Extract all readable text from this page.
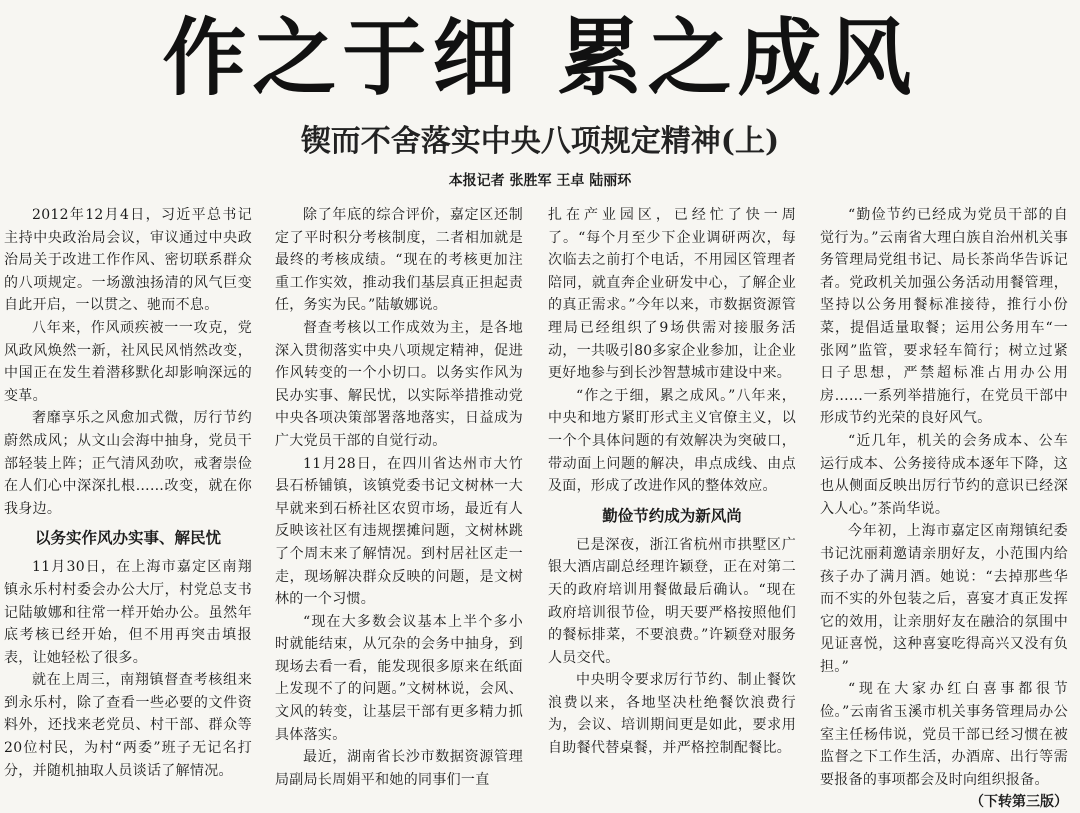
作之于细 累之成风
锲而不舍落实中央八项规定精神(上)
本报记者 张胜军 王卓 陆丽环

2012年12月4日，习近平总书记主持中央政治局会议，审议通过中央政治局关于改进工作作风、密切联系群众的八项规定。一场激浊扬清的风气巨变自此开启，一以贯之、驰而不息。

八年来，作风顽疾被一一攻克，党风政风焕然一新，社风民风悄然改变，中国正在发生着潜移默化却影响深远的变革。

奢靡享乐之风愈加式微，厉行节约蔚然成风；从文山会海中抽身，党员干部轻装上阵；正气清风劲吹，戒奢崇俭在人们心中深深扎根……改变，就在你我身边。

以务实作风办实事、解民忧

11月30日，在上海市嘉定区南翔镇永乐村村委会办公大厅，村党总支书记陆敏娜和往常一样开始办公。虽然年底考核已经开始，但不用再突击填报表，让她轻松了很多。

就在上周三，南翔镇督查考核组来到永乐村，除了查看一些必要的文件资料外，还找来老党员、村干部、群众等20位村民，为村“两委”班子无记名打分，并随机抽取人员谈话了解情况。

除了年底的综合评价，嘉定区还制定了平时积分考核制度，二者相加就是最终的考核成绩。“现在的考核更加注重工作实效，推动我们基层真正担起责任，务实为民。”陆敏娜说。

督查考核以工作成效为主，是各地深入贯彻落实中央八项规定精神，促进作风转变的一个小切口。以务实作风为民办实事、解民忧，以实际举措推动党中央各项决策部署落地落实，日益成为广大党员干部的自觉行动。

11月28日，在四川省达州市大竹县石桥铺镇，该镇党委书记文树林一大早就来到石桥社区农贸市场，最近有人反映该社区有违规摆摊问题，文树林跳了个周末来了解情况。到村居社区走一走，现场解决群众反映的问题，是文树林的一个习惯。

“现在大多数会议基本上半个多小时就能结束，从冗杂的会务中抽身，到现场去看一看，能发现很多原来在纸面上发现不了的问题。”文树林说，会风、文风的转变，让基层干部有更多精力抓具体落实。

最近，湖南省长沙市数据资源管理局副局长周娟平和她的同事们一直

扎在产业园区，已经忙了快一周了。“每个月至少下企业调研两次，每次临去之前打个电话，不用园区管理者陪同，就直奔企业研发中心，了解企业的真正需求。”今年以来，市数据资源管理局已经组织了9场供需对接服务活动，一共吸引80多家企业参加，让企业更好地参与到长沙智慧城市建设中来。

“作之于细，累之成风。”八年来，中央和地方紧盯形式主义官僚主义，以一个个具体问题的有效解决为突破口，带动面上问题的解决，串点成线、由点及面，形成了改进作风的整体效应。

勤俭节约成为新风尚

已是深夜，浙江省杭州市拱墅区广银大酒店副总经理许颖登，正在对第二天的政府培训用餐做最后确认。“现在政府培训很节俭，明天要严格按照他们的餐标排菜，不要浪费。”许颖登对服务人员交代。

中央明令要求厉行节约、制止餐饮浪费以来，各地坚决杜绝餐饮浪费行为，会议、培训期间更是如此，要求用自助餐代替桌餐，并严格控制配餐比。

“勤俭节约已经成为党员干部的自觉行为。”云南省大理白族自治州机关事务管理局党组书记、局长茶尚华告诉记者。党政机关加强公务活动用餐管理，坚持以公务用餐标准接待，推行小份菜，提倡适量取餐；运用公务用车“一张网”监管，要求轻车简行；树立过紧日子思想，严禁超标准占用办公用房……一系列举措施行，在党员干部中形成节约光荣的良好风气。

“近几年，机关的会务成本、公车运行成本、公务接待成本逐年下降，这也从侧面反映出厉行节约的意识已经深入人心。”茶尚华说。

今年初，上海市嘉定区南翔镇纪委书记沈丽莉邀请亲朋好友，小范围内给孩子办了满月酒。她说：“去掉那些华而不实的外包装之后，喜宴才真正发挥它的效用，让亲朋好友在融洽的氛围中见证喜悦，这种喜宴吃得高兴又没有负担。”

“现在大家办红白喜事都很节俭。”云南省玉溪市机关事务管理局办公室主任杨伟说，党员干部已经习惯在被监督之下工作生活，办酒席、出行等需要报备的事项都会及时向组织报备。

（下转第三版）
